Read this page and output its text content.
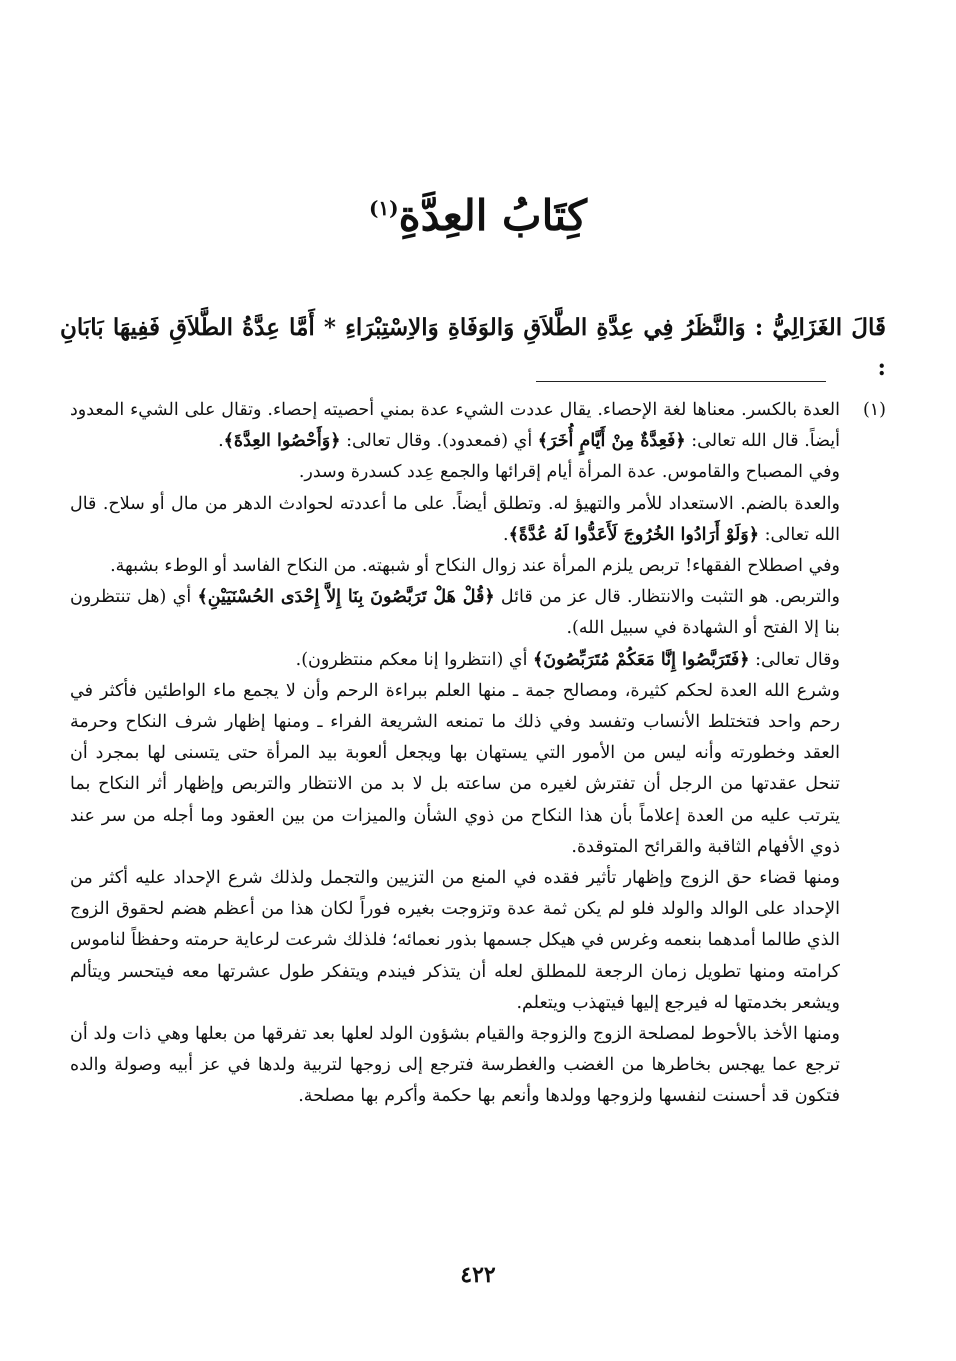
كِتَابُ العِدَّةِ$^{(١)}$
قَالَ الغَزَالِيُّ : وَالنَّظَرُ فِي عِدَّةِ الطَّلاَقِ وَالوَفَاةِ وَالاِسْتِبْرَاءِ * أَمَّا عِدَّةُ الطَّلاَقِ فَفِيهَا بَابَانِ :
(١)

العدة بالكسر. معناها لغة الإحصاء. يقال عددت الشيء عدة بمني أحصيته إحصاء. وتقال على الشيء المعدود أيضاً. قال الله تعالى: ﴿فَعِدَّةٌ مِنْ أَيَّامٍ أُخَرَ﴾ أي (فمعدود). وقال تعالى: ﴿وَأَحْصُوا العِدَّةَ﴾.

وفي المصباح والقاموس. عدة المرأة أيام إقرائها والجمع عِدد كسدرة وسدر.

والعدة بالضم. الاستعداد للأمر والتهيؤ له. وتطلق أيضاً. على ما أعددته لحوادث الدهر من مال أو سلاح. قال الله تعالى: ﴿وَلَوْ أَرَادُوا الخُرُوجَ لَأَعَدُّوا لَهُ عُدَّةً﴾.

وفي اصطلاح الفقهاء! تربص يلزم المرأة عند زوال النكاح أو شبهته. من النكاح الفاسد أو الوطء بشبهة.

والتربص. هو التثبت والانتظار. قال عز من قائل ﴿قُلْ هَلْ تَرَبَّصُونَ بِنَا إِلاَّ إِحْدَى الحُسْنَيَيْنِ﴾ أي (هل تنتظرون بنا إلا الفتح أو الشهادة في سبيل الله).

وقال تعالى: ﴿فَتَرَبَّصُوا إِنَّا مَعَكُمْ مُتَرَبِّصُونَ﴾ أي (انتظروا إنا معكم منتظرون).

وشرع الله العدة لحكم كثيرة، ومصالح جمة ـ منها العلم ببراءة الرحم وأن لا يجمع ماء الواطئين فأكثر في رحم واحد فتختلط الأنساب وتفسد وفي ذلك ما تمنعه الشريعة الفراء ـ ومنها إظهار شرف النكاح وحرمة العقد وخطورته وأنه ليس من الأمور التي يستهان بها ويجعل ألعوبة بيد المرأة حتى يتسنى لها بمجرد أن تنحل عقدتها من الرجل أن تفترش لغيره من ساعته بل لا بد من الانتظار والتربص وإظهار أثر النكاح بما يترتب عليه من العدة إعلاماً بأن هذا النكاح من ذوي الشأن والميزات من بين العقود وما أجله من سر عند ذوي الأفهام الثاقبة والقرائح المتوقدة.

ومنها قضاء حق الزوج وإظهار تأثير فقده في المنع من التزيين والتجمل ولذلك شرع الإحداد عليه أكثر من الإحداد على الوالد والولد فلو لم يكن ثمة عدة وتزوجت بغيره فوراً لكان هذا من أعظم هضم لحقوق الزوج الذي طالما أمدهما بنعمه وغرس في هيكل جسمها بذور نعمائه؛ فلذلك شرعت لرعاية حرمته وحفظاً لناموس كرامته ومنها تطويل زمان الرجعة للمطلق لعله أن يتذكر فيندم ويتفكر طول عشرتها معه فيتحسر ويتألم ويشعر بخدمتها له فيرجع إليها فيتهذب ويتعلم.

ومنها الأخذ بالأحوط لمصلحة الزوج والزوجة والقيام بشؤون الولد لعلها بعد تفرقها من بعلها وهي ذات ولد أن ترجع عما يهجس بخاطرها من الغضب والغطرسة فترجع إلى زوجها لتربية ولدها في عز أبيه وصولة والده فتكون قد أحسنت لنفسها ولزوجها وولدها وأنعم بها حكمة وأكرم بها مصلحة.

٤٢٢
